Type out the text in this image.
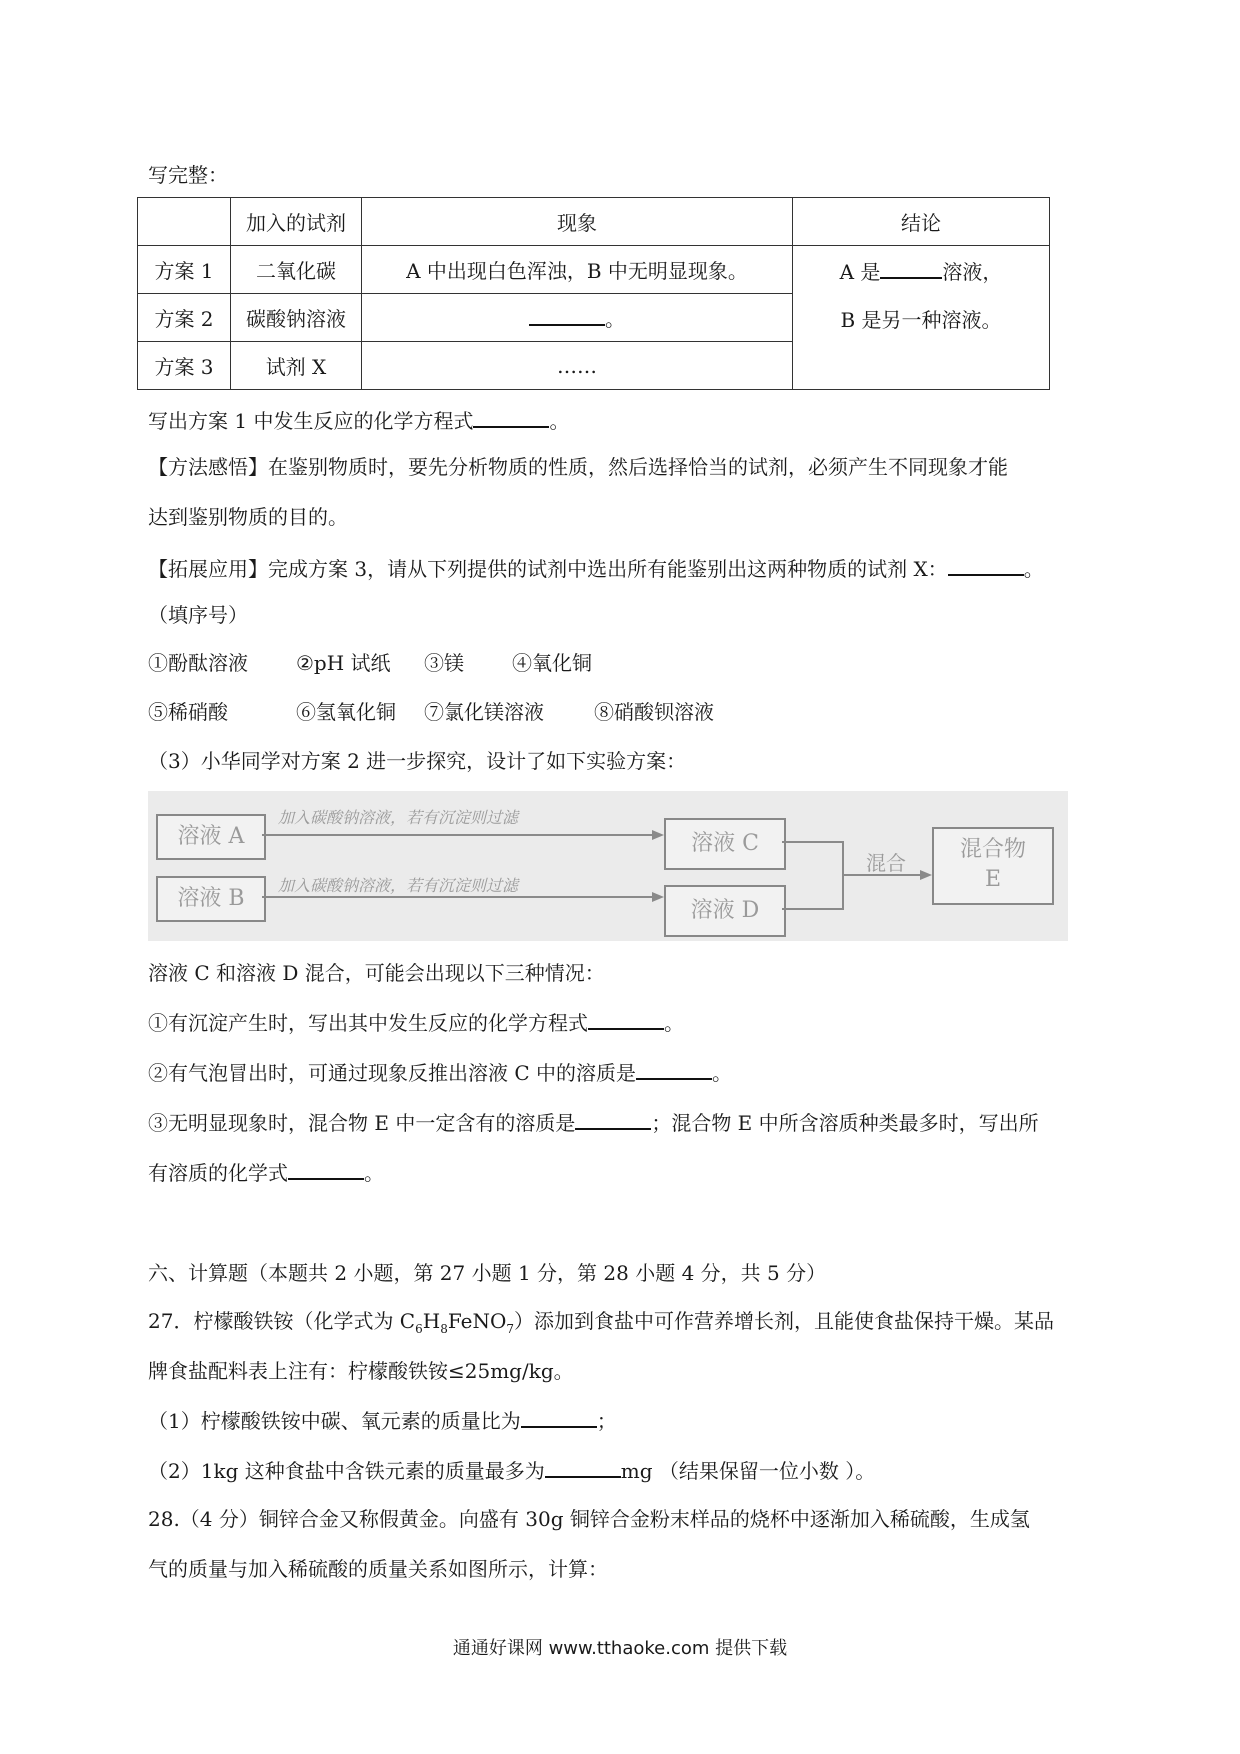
写完整：
	加入的试剂	现象	结论
方案 1	二氧化碳	A 中出现白色浑浊，B 中无明显现象。	A 是 溶液，
B 是另一种溶液。

方案 2	碳酸钠溶液	。	
方案 3	试剂 X	……	
写出方案 1 中发生反应的化学方程式	。
【方法感悟】在鉴别物质时，要先分析物质的性质，然后选择恰当的试剂，必须产生不同现象才能
达到鉴别物质的目的。
【拓展应用】完成方案 3，请从下列提供的试剂中选出所有能鉴别出这两种物质的试剂 X：	。
（填序号）
①酚酞溶液 ②pH 试纸 ③镁 ④氧化铜
⑤稀硝酸	⑥氢氧化铜 ⑦氯化镁溶液	⑧硝酸钡溶液
（3）小华同学对方案 2 进一步探究，设计了如下实验方案：
溶液 A
溶液 B
加入碳酸钠溶液，若有沉淀则过滤
加入碳酸钠溶液，若有沉淀则过滤
溶液 C
溶液 D
混合
混合物
E
溶液 C 和溶液 D 混合，可能会出现以下三种情况：
①有沉淀产生时，写出其中发生反应的化学方程式	。
②有气泡冒出时，可通过现象反推出溶液 C 中的溶质是	。
③无明显现象时，混合物 E 中一定含有的溶质是	；混合物 E 中所含溶质种类最多时，写出所
有溶质的化学式	。
六、计算题（本题共 2 小题，第 27 小题 1 分，第 28 小题 4 分，共 5 分）
27．柠檬酸铁铵（化学式为 $C_6H_8FeNO_7$）添加到食盐中可作营养增长剂，且能使食盐保持干燥。某品
牌食盐配料表上注有：柠檬酸铁铵≤25mg/kg。
（1）柠檬酸铁铵中碳、氧元素的质量比为	；
（2）1kg 这种食盐中含铁元素的质量最多为	mg （结果保留一位小数 ）。
28.（4 分）铜锌合金又称假黄金。向盛有 30g 铜锌合金粉末样品的烧杯中逐渐加入稀硫酸，生成氢
气的质量与加入稀硫酸的质量关系如图所示，计算：
通通好课网 www.tthaoke.com 提供下载
